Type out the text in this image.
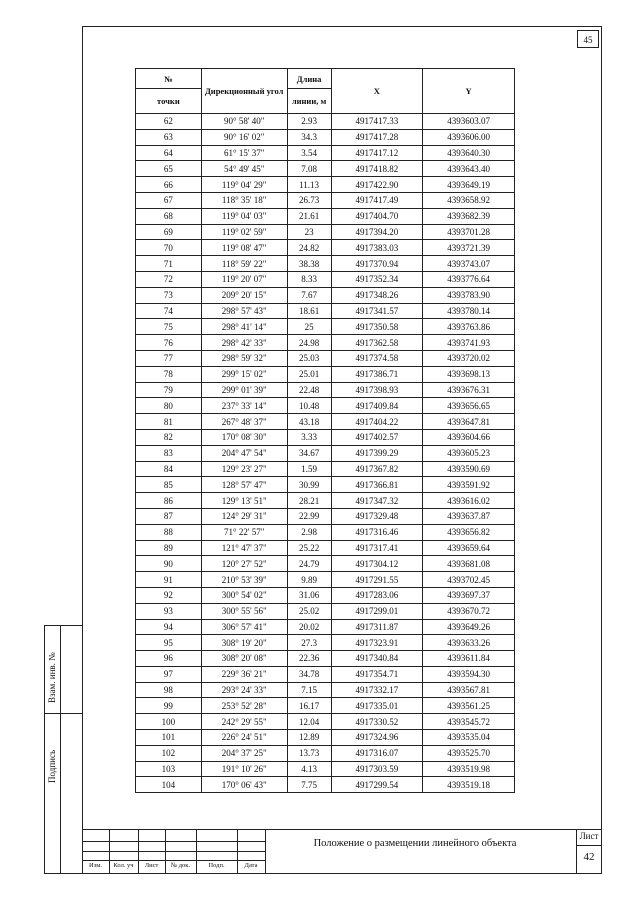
45
№	Дирекционный угол	Длина	X	Y
точки		линии, м		
62	90° 58' 40"	2.93	4917417.33	4393603.07
63	90° 16' 02"	34.3	4917417.28	4393606.00
64	61° 15' 37"	3.54	4917417.12	4393640.30
65	54° 49' 45"	7.08	4917418.82	4393643.40
66	119° 04' 29"	11.13	4917422.90	4393649.19
67	118° 35' 18"	26.73	4917417.49	4393658.92
68	119° 04' 03"	21.61	4917404.70	4393682.39
69	119° 02' 59"	23	4917394.20	4393701.28
70	119° 08' 47"	24.82	4917383.03	4393721.39
71	118° 59' 22"	38.38	4917370.94	4393743.07
72	119° 20' 07"	8.33	4917352.34	4393776.64
73	209° 20' 15"	7.67	4917348.26	4393783.90
74	298° 57' 43"	18.61	4917341.57	4393780.14
75	298° 41' 14"	25	4917350.58	4393763.86
76	298° 42' 33"	24.98	4917362.58	4393741.93
77	298° 59' 32"	25.03	4917374.58	4393720.02
78	299° 15' 02"	25.01	4917386.71	4393698.13
79	299° 01' 39"	22.48	4917398.93	4393676.31
80	237° 33' 14"	10.48	4917409.84	4393656.65
81	267° 48' 37"	43.18	4917404.22	4393647.81
82	170° 08' 30"	3.33	4917402.57	4393604.66
83	204° 47' 54"	34.67	4917399.29	4393605.23
84	129° 23' 27"	1.59	4917367.82	4393590.69
85	128° 57' 47"	30.99	4917366.81	4393591.92
86	129° 13' 51"	28.21	4917347.32	4393616.02
87	124° 29' 31"	22.99	4917329.48	4393637.87
88	71° 22' 57"	2.98	4917316.46	4393656.82
89	121° 47' 37"	25.22	4917317.41	4393659.64
90	120° 27' 52"	24.79	4917304.12	4393681.08
91	210° 53' 39"	9.89	4917291.55	4393702.45
92	300° 54' 02"	31.06	4917283.06	4393697.37
93	300° 55' 56"	25.02	4917299.01	4393670.72
94	306° 57' 41"	20.02	4917311.87	4393649.26
95	308° 19' 20"	27.3	4917323.91	4393633.26
96	308° 20' 08"	22.36	4917340.84	4393611.84
97	229° 36' 21"	34.78	4917354.71	4393594.30
98	293° 24' 33"	7.15	4917332.17	4393567.81
99	253° 52' 28"	16.17	4917335.01	4393561.25
100	242° 29' 55"	12.04	4917330.52	4393545.72
101	226° 24' 51"	12.89	4917324.96	4393535.04
102	204° 37' 25"	13.73	4917316.07	4393525.70
103	191° 10' 26"	4.13	4917303.59	4393519.98
104	170° 06' 43"	7.75	4917299.54	4393519.18
Взам. инв. №
Подпись
Изм.	Кол. уч	Лист	№ док.	Подп.	Дата
Положение о размещении линейного объекта
Лист
42
